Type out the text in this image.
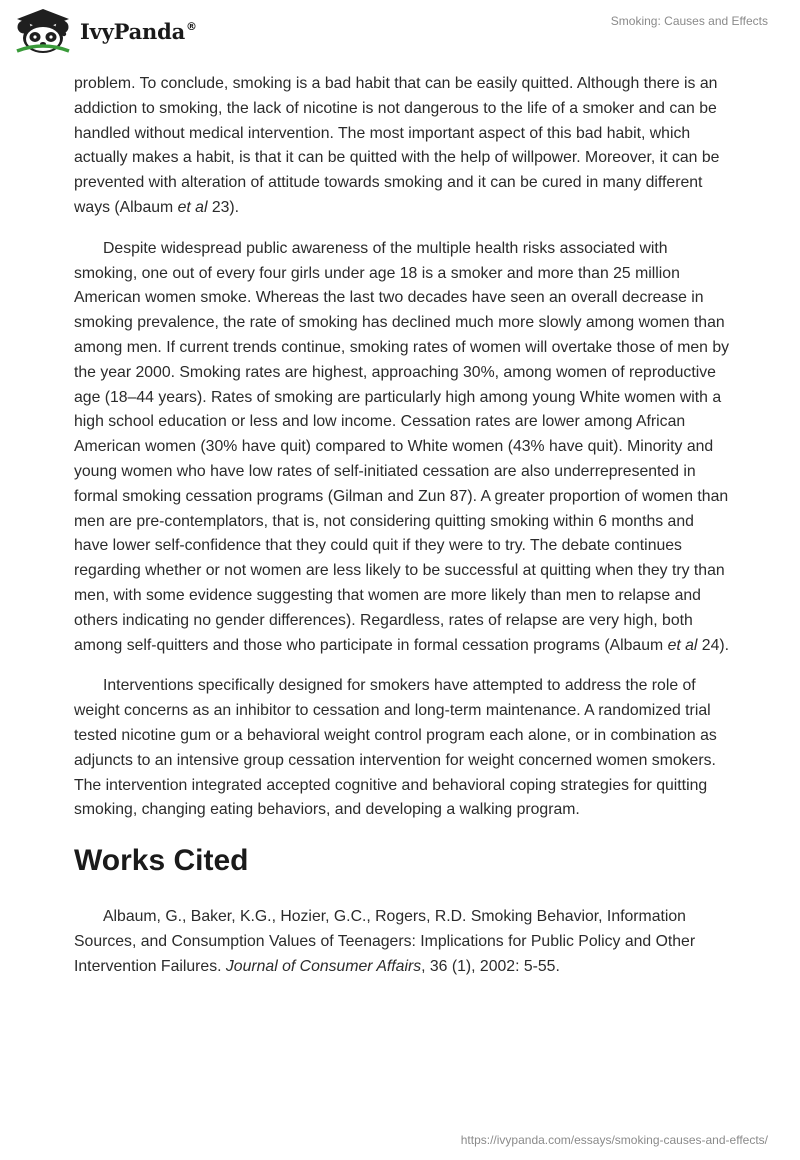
IvyPanda®	Smoking: Causes and Effects

problem. To conclude, smoking is a bad habit that can be easily quitted. Although there is an addiction to smoking, the lack of nicotine is not dangerous to the life of a smoker and can be handled without medical intervention. The most important aspect of this bad habit, which actually makes a habit, is that it can be quitted with the help of willpower. Moreover, it can be prevented with alteration of attitude towards smoking and it can be cured in many different ways (Albaum et al 23).

Despite widespread public awareness of the multiple health risks associated with smoking, one out of every four girls under age 18 is a smoker and more than 25 million American women smoke. Whereas the last two decades have seen an overall decrease in smoking prevalence, the rate of smoking has declined much more slowly among women than among men. If current trends continue, smoking rates of women will overtake those of men by the year 2000. Smoking rates are highest, approaching 30%, among women of reproductive age (18–44 years). Rates of smoking are particularly high among young White women with a high school education or less and low income. Cessation rates are lower among African American women (30% have quit) compared to White women (43% have quit). Minority and young women who have low rates of self-initiated cessation are also underrepresented in formal smoking cessation programs (Gilman and Zun 87). A greater proportion of women than men are pre-contemplators, that is, not considering quitting smoking within 6 months and have lower self-confidence that they could quit if they were to try. The debate continues regarding whether or not women are less likely to be successful at quitting when they try than men, with some evidence suggesting that women are more likely than men to relapse and others indicating no gender differences). Regardless, rates of relapse are very high, both among self-quitters and those who participate in formal cessation programs (Albaum et al 24).

Interventions specifically designed for smokers have attempted to address the role of weight concerns as an inhibitor to cessation and long-term maintenance. A randomized trial tested nicotine gum or a behavioral weight control program each alone, or in combination as adjuncts to an intensive group cessation intervention for weight concerned women smokers. The intervention integrated accepted cognitive and behavioral coping strategies for quitting smoking, changing eating behaviors, and developing a walking program.

Works Cited

Albaum, G., Baker, K.G., Hozier, G.C., Rogers, R.D. Smoking Behavior, Information Sources, and Consumption Values of Teenagers: Implications for Public Policy and Other Intervention Failures. Journal of Consumer Affairs, 36 (1), 2002: 5-55.

https://ivypanda.com/essays/smoking-causes-and-effects/
